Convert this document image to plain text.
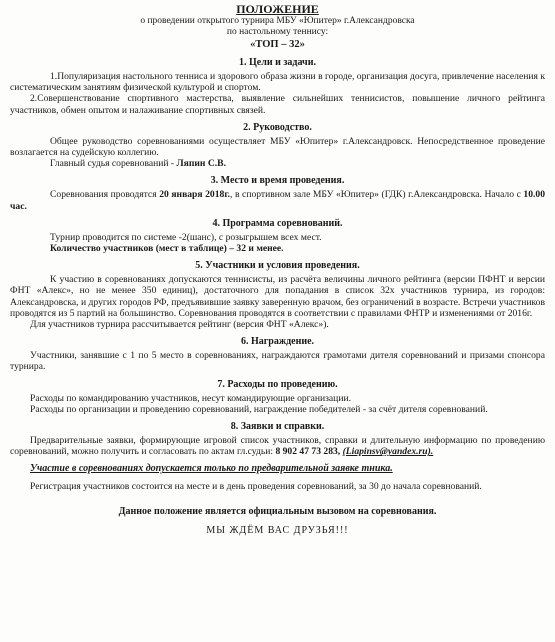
ПОЛОЖЕНИЕ
о проведении открытого турнира МБУ «Юпитер» г.Александровска
по настольному теннису:
«ТОП – 32»
1. Цели и задачи.

1.Популяризация настольного тенниса и здорового образа жизни в городе, организация досуга, привлечение населения к систематическим занятиям физической культурой и спортом.

2.Совершенствование спортивного мастерства, выявление сильнейших теннисистов, повышение личного рейтинга участников, обмен опытом и налаживание спортивных связей.

2. Руководство.

Общее руководство соревнованиями осуществляет МБУ «Юпитер» г.Александровск. Непосредственное проведение возлагается на судейскую коллегию.

Главный судья соревнований - Ляпин С.В.

3. Место и время проведения.

Соревнования проводятся 20 января 2018г., в спортивном зале МБУ «Юпитер» (ГДК) г.Александровска. Начало с 10.00 час.

4. Программа соревнований.

Турнир проводится по системе -2(шанс), с розыгрышем всех мест.

Количество участников (мест в таблице) – 32 и менее.

5. Участники и условия проведения.

К участию в соревнованиях допускаются теннисисты, из расчёта величины личного рейтинга (версии ПФНТ и версии ФНТ «Алекс», но не менее 350 единиц), достаточного для попадания в список 32х участников турнира, из городов: Александровска, и других городов РФ, предъявившие заявку заверенную врачом, без ограничений в возрасте. Встречи участников проводятся из 5 партий на большинство. Соревнования проводятся в соответствии с правилами ФНТР и изменениями от 2016г.

Для участников турнира рассчитывается рейтинг (версия ФНТ «Алекс»).

6. Награждение.

Участники, занявшие с 1 по 5 место в соревнованиях, награждаются грамотами дителя соревнований и призами спонсора турнира.

7. Расходы по проведению.

Расходы по командированию участников, несут командирующие организации.

Расходы по организации и проведению соревнований, награждение победителей - за счёт дителя соревнований.

8. Заявки и справки.

Предварительные заявки, формирующие игровой список участников, справки и длительную информацию по проведению соревнований, можно получить и согласовать по актам гл.судьи: 8 902 47 73 283, (Liapinsv@yandex.ru).

Участие в соревнованиях допускается только по предварительной заявке тника.

Регистрация участников состоится на месте и в день проведения соревнований, за 30 до начала соревнований.

Данное положение является официальным вызовом на соревнования.
МЫ ЖДЁМ ВАС ДРУЗЬЯ!!!
